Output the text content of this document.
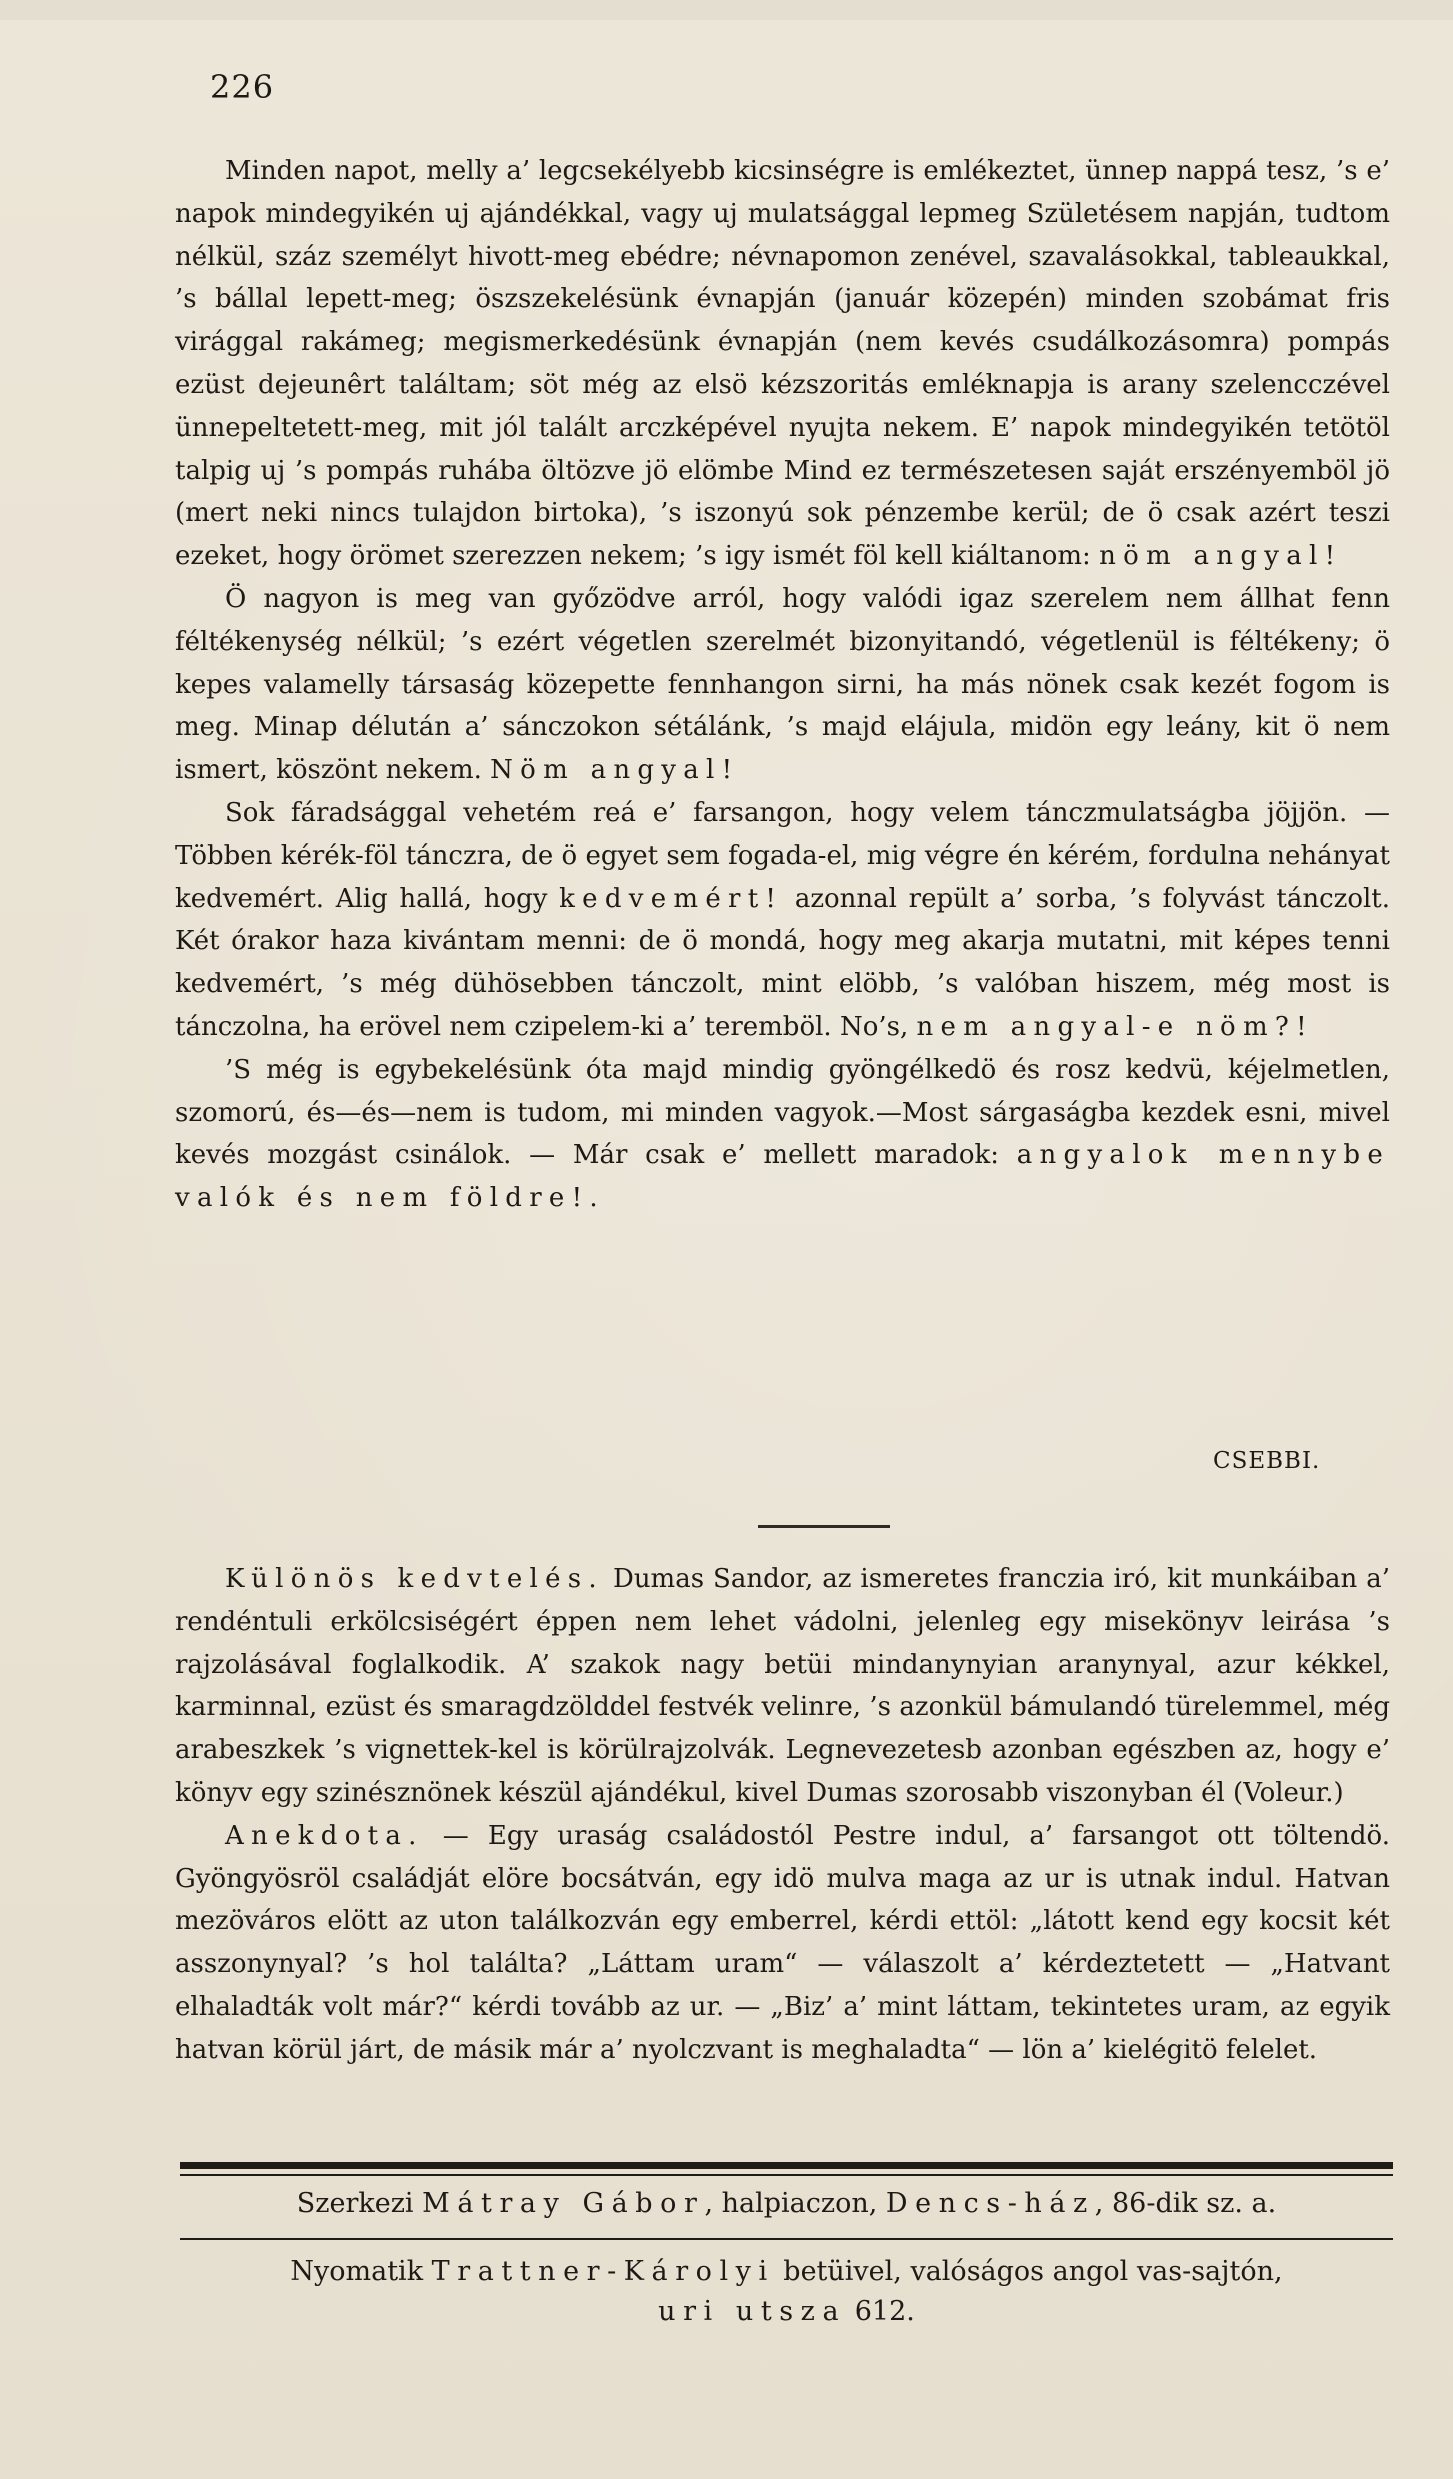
226

Minden napot, melly a’ legcsekélyebb kicsinségre is emlékeztet, ünnep nappá tesz, ’s e’ napok mindegyikén uj ajándékkal, vagy uj mulatsággal lepmeg Születésem napján, tudtom nélkül, száz személyt hivott-meg ebédre; névnapomon zenével, szavalásokkal, tableaukkal, ’s bállal lepett-meg; öszszekelésünk évnapján (január közepén) minden szobámat fris virággal rakámeg; megismerkedésünk évnapján (nem kevés csudálkozásomra) pompás ezüst dejeunêrt találtam; söt még az elsö kézszoritás emléknapja is arany szelencczével ünnepeltetett-meg, mit jól talált arczképével nyujta nekem. E’ napok mindegyikén tetötöl talpig uj ’s pompás ruhába öltözve jö elömbe Mind ez természetesen saját erszényemböl jö (mert neki nincs tulajdon birtoka), ’s iszonyú sok pénzembe kerül; de ö csak azért teszi ezeket, hogy örömet szerezzen nekem; ’s igy ismét föl kell kiáltanom: nöm angyal!

Ö nagyon is meg van győzödve arról, hogy valódi igaz szerelem nem állhat fenn féltékenység nélkül; ’s ezért végetlen szerelmét bizonyitandó, végetlenül is féltékeny; ö kepes valamelly társaság közepette fennhangon sirni, ha más nönek csak kezét fogom is meg. Minap délután a’ sánczokon sétálánk, ’s majd elájula, midön egy leány, kit ö nem ismert, köszönt nekem. Nöm angyal!

Sok fáradsággal vehetém reá e’ farsangon, hogy velem tánczmulatságba jöjjön. — Többen kérék-föl tánczra, de ö egyet sem fogada-el, mig végre én kérém, fordulna nehányat kedvemért. Alig hallá, hogy kedvemért! azonnal repült a’ sorba, ’s folyvást tánczolt. Két órakor haza kivántam menni: de ö mondá, hogy meg akarja mutatni, mit képes tenni kedvemért, ’s még dühösebben tánczolt, mint elöbb, ’s valóban hiszem, még most is tánczolna, ha erövel nem czipelem-ki a’ teremböl. No’s, nem angyal-e nöm?!

’S még is egybekelésünk óta majd mindig gyöngélkedö és rosz kedvü, kéjelmetlen, szomorú, és—és—nem is tudom, mi minden vagyok.—Most sárgaságba kezdek esni, mivel kevés mozgást csinálok. — Már csak e’ mellett maradok: angyalok mennybe valók és nem földre!.

CSEBBI.

Különös kedvtelés. Dumas Sandor, az ismeretes franczia iró, kit munkáiban a’ rendéntuli erkölcsiségért éppen nem lehet vádolni, jelenleg egy misekönyv leirása ’s rajzolásával foglalkodik. A’ szakok nagy betüi mindanynyian aranynyal, azur kékkel, karminnal, ezüst és smaragdzölddel festvék velinre, ’s azonkül bámulandó türelemmel, még arabeszkek ’s vignettek-kel is körülrajzolvák. Legnevezetesb azonban egészben az, hogy e’ könyv egy szinésznönek készül ajándékul, kivel Dumas szorosabb viszonyban él (Voleur.)

Anekdota. — Egy uraság családostól Pestre indul, a’ farsangot ott töltendö. Gyöngyösröl családját elöre bocsátván, egy idö mulva maga az ur is utnak indul. Hatvan mezöváros elött az uton találkozván egy emberrel, kérdi ettöl: „látott kend egy kocsit két asszonynyal? ’s hol találta? „Láttam uram“ — válaszolt a’ kérdeztetett — „Hatvant elhaladták volt már?“ kérdi tovább az ur. — „Biz’ a’ mint láttam, tekintetes uram, az egyik hatvan körül járt, de másik már a’ nyolczvant is meghaladta“ — lön a’ kielégitö felelet.

Szerkezi Mátray Gábor, halpiaczon, Dencs-ház, 86-dik sz. a.
Nyomatik Trattner-Károlyi betüivel, valóságos angol vas-sajtón,
uri utsza 612.
